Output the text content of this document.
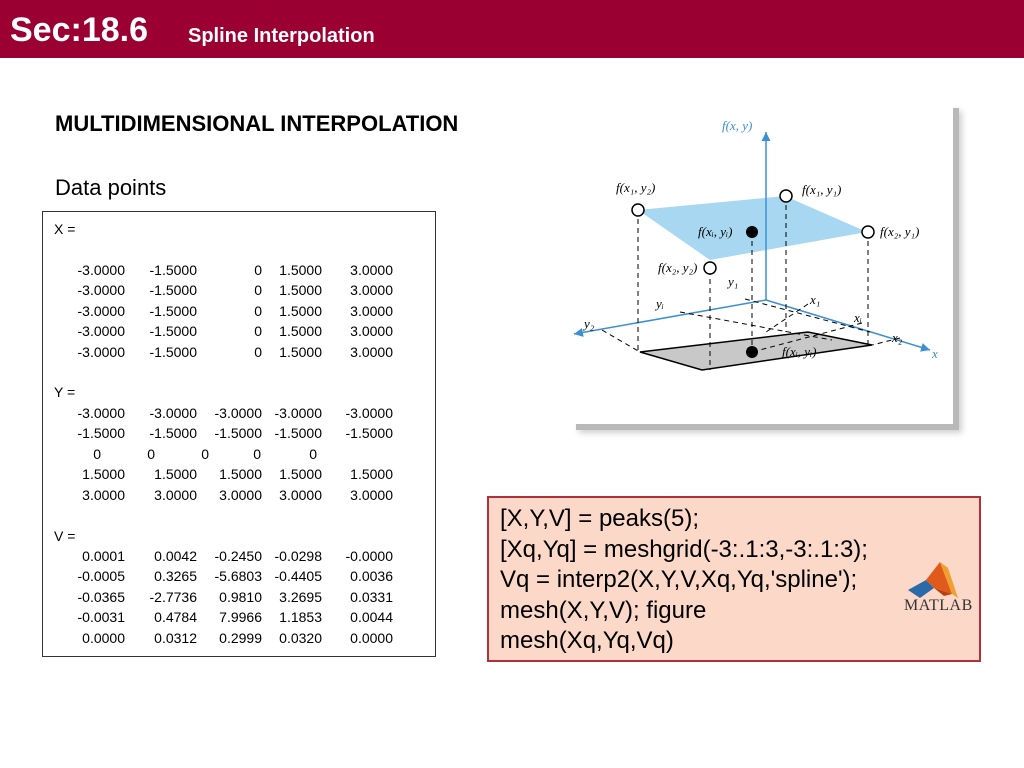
Sec:18.6 Spline Interpolation
MULTIDIMENSIONAL INTERPOLATION
Data points
X =
-3.0000	-1.5000	0	1.5000	3.0000
-3.0000	-1.5000	0	1.5000	3.0000
-3.0000	-1.5000	0	1.5000	3.0000
-3.0000	-1.5000	0	1.5000	3.0000
-3.0000	-1.5000	0	1.5000	3.0000
Y =
-3.0000	-3.0000	-3.0000 -3.0000	-3.0000
-1.5000	-1.5000	-1.5000 -1.5000	-1.5000
0	0	0	0	0
1.5000	1.5000	1.5000	1.5000	1.5000
3.0000	3.0000	3.0000	3.0000	3.0000
V =
0.0001	0.0042	-0.2450 -0.0298	-0.0000
-0.0005	0.3265	-5.6803 -0.4405	0.0036
-0.0365	-2.7736	0.9810	3.2695	0.0331
-0.0031	0.4784	7.9966	1.1853	0.0044
0.0000	0.0312	0.2999	0.0320	0.0000
f(x, y)
f(x₁, y₂)	f(x₁, y₁)
f(xᵢ, yᵢ)	f(x₂, y₁)
f(x₂, y₂)
y₁
yᵢ
y₂
x₁
xᵢ
x₂
x
f(xᵢ, yᵢ)
[X,Y,V] = peaks(5);
[Xq,Yq] = meshgrid(-3:.1:3,-3:.1:3);
Vq = interp2(X,Y,V,Xq,Yq,'spline');
mesh(X,Y,V); figure
mesh(Xq,Yq,Vq)
MATLAB
